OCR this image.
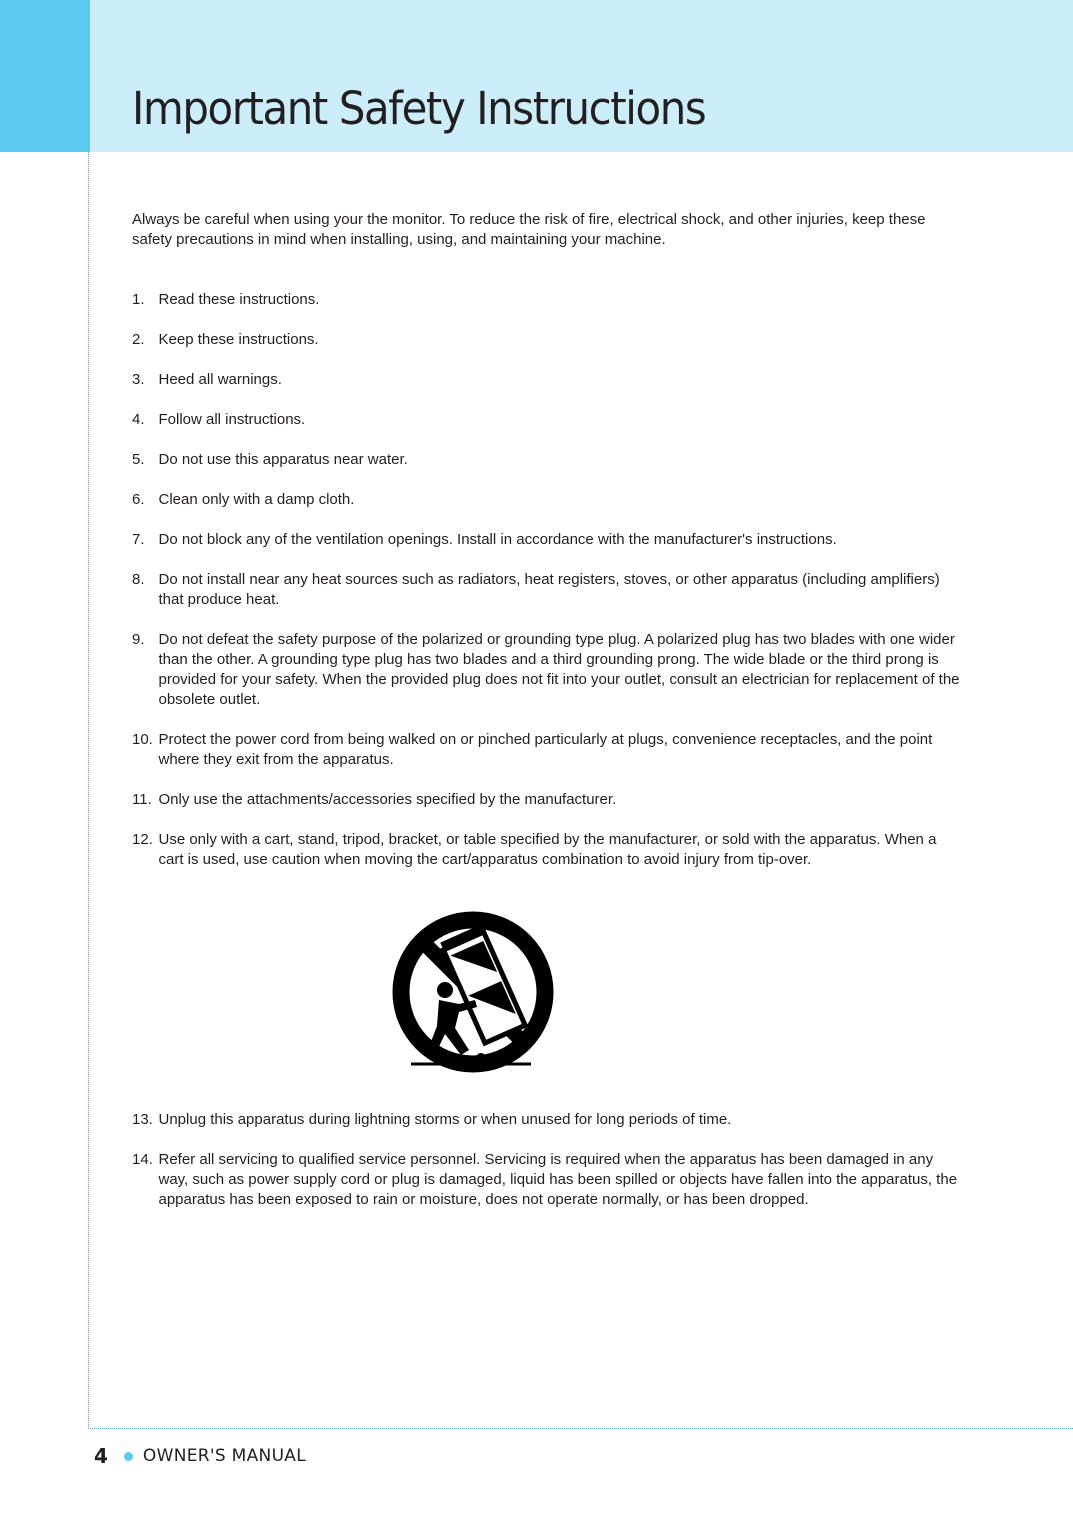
Important Safety Instructions

Always be careful when using your the monitor. To reduce the risk of fire, electrical shock, and other injuries, keep these safety precautions in mind when installing, using, and maintaining your machine.

1. Read these instructions.
2. Keep these instructions.
3. Heed all warnings.
4. Follow all instructions.
5. Do not use this apparatus near water.
6. Clean only with a damp cloth.
7. Do not block any of the ventilation openings. Install in accordance with the manufacturer's instructions.
8. Do not install near any heat sources such as radiators, heat registers, stoves, or other apparatus (including amplifiers) that produce heat.
9. Do not defeat the safety purpose of the polarized or grounding type plug. A polarized plug has two blades with one wider than the other. A grounding type plug has two blades and a third grounding prong. The wide blade or the third prong is provided for your safety. When the provided plug does not fit into your outlet, consult an electrician for replacement of the obsolete outlet.
10. Protect the power cord from being walked on or pinched particularly at plugs, convenience receptacles, and the point where they exit from the apparatus.
11. Only use the attachments/accessories specified by the manufacturer.
12. Use only with a cart, stand, tripod, bracket, or table specified by the manufacturer, or sold with the apparatus. When a cart is used, use caution when moving the cart/apparatus combination to avoid injury from tip-over.
13. Unplug this apparatus during lightning storms or when unused for long periods of time.
14. Refer all servicing to qualified service personnel. Servicing is required when the apparatus has been damaged in any way, such as power supply cord or plug is damaged, liquid has been spilled or objects have fallen into the apparatus, the apparatus has been exposed to rain or moisture, does not operate normally, or has been dropped.
4 OWNER'S MANUAL
